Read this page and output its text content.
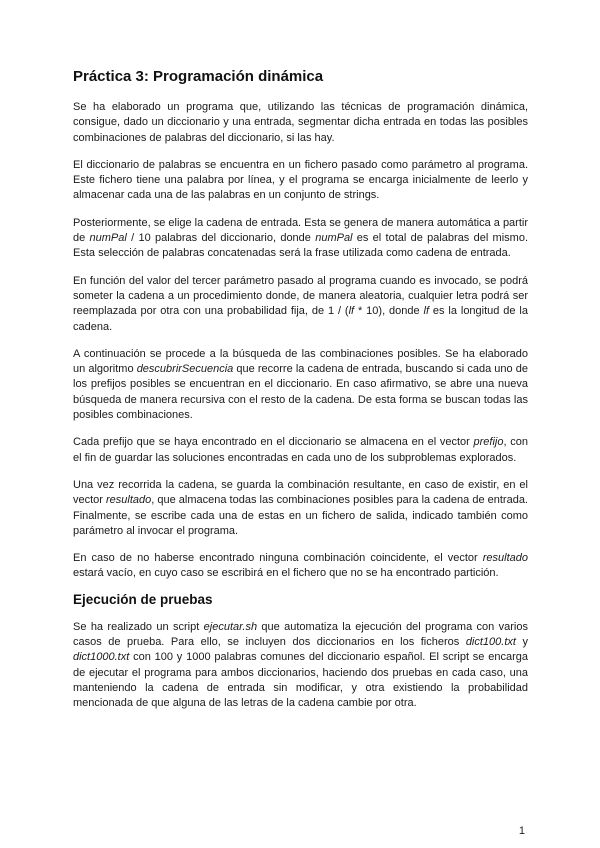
Práctica 3: Programación dinámica

Se ha elaborado un programa que, utilizando las técnicas de programación dinámica, consigue, dado un diccionario y una entrada, segmentar dicha entrada en todas las posibles combinaciones de palabras del diccionario, si las hay.

El diccionario de palabras se encuentra en un fichero pasado como parámetro al programa. Este fichero tiene una palabra por línea, y el programa se encarga inicialmente de leerlo y almacenar cada una de las palabras en un conjunto de strings.

Posteriormente, se elige la cadena de entrada. Esta se genera de manera automática a partir de numPal / 10 palabras del diccionario, donde numPal es el total de palabras del mismo. Esta selección de palabras concatenadas será la frase utilizada como cadena de entrada.

En función del valor del tercer parámetro pasado al programa cuando es invocado, se podrá someter la cadena a un procedimiento donde, de manera aleatoria, cualquier letra podrá ser reemplazada por otra con una probabilidad fija, de 1 / (lf * 10), donde lf es la longitud de la cadena.

A continuación se procede a la búsqueda de las combinaciones posibles. Se ha elaborado un algoritmo descubrirSecuencia que recorre la cadena de entrada, buscando si cada uno de los prefijos posibles se encuentran en el diccionario. En caso afirmativo, se abre una nueva búsqueda de manera recursiva con el resto de la cadena. De esta forma se buscan todas las posibles combinaciones.

Cada prefijo que se haya encontrado en el diccionario se almacena en el vector prefijo, con el fin de guardar las soluciones encontradas en cada uno de los subproblemas explorados.

Una vez recorrida la cadena, se guarda la combinación resultante, en caso de existir, en el vector resultado, que almacena todas las combinaciones posibles para la cadena de entrada. Finalmente, se escribe cada una de estas en un fichero de salida, indicado también como parámetro al invocar el programa.

En caso de no haberse encontrado ninguna combinación coincidente, el vector resultado estará vacío, en cuyo caso se escribirá en el fichero que no se ha encontrado partición.

Ejecución de pruebas

Se ha realizado un script ejecutar.sh que automatiza la ejecución del programa con varios casos de prueba. Para ello, se incluyen dos diccionarios en los ficheros dict100.txt y dict1000.txt con 100 y 1000 palabras comunes del diccionario español. El script se encarga de ejecutar el programa para ambos diccionarios, haciendo dos pruebas en cada caso, una manteniendo la cadena de entrada sin modificar, y otra existiendo la probabilidad mencionada de que alguna de las letras de la cadena cambie por otra.

1
